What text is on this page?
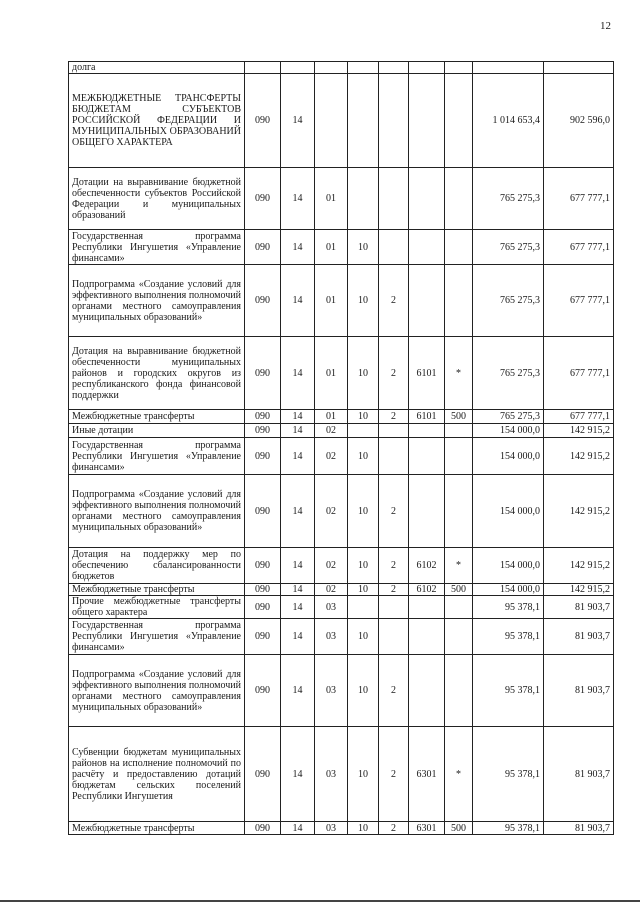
12
долга									
МЕЖБЮДЖЕТНЫЕ ТРАНСФЕРТЫ БЮДЖЕТАМ СУБЪЕКТОВ РОССИЙСКОЙ ФЕДЕРАЦИИ И МУНИЦИПАЛЬНЫХ ОБРАЗОВАНИЙ ОБЩЕГО ХАРАКТЕРА	090	14						1 014 653,4	902 596,0
Дотации на выравнивание бюджетной обеспеченности субъектов Российской Федерации и муниципальных образований	090	14	01					765 275,3	677 777,1
Государственная программа Республики Ингушетия «Управление финансами»	090	14	01	10				765 275,3	677 777,1
Подпрограмма «Создание условий для эффективного выполнения полномочий органами местного самоуправления муниципальных образований»	090	14	01	10	2			765 275,3	677 777,1
Дотация на выравнивание бюджетной обеспеченности муниципальных районов и городских округов из республиканского фонда финансовой поддержки	090	14	01	10	2	6101	*	765 275,3	677 777,1
Межбюджетные трансферты	090	14	01	10	2	6101	500	765 275,3	677 777,1
Иные дотации	090	14	02					154 000,0	142 915,2
Государственная программа Республики Ингушетия «Управление финансами»	090	14	02	10				154 000,0	142 915,2
Подпрограмма «Создание условий для эффективного выполнения полномочий органами местного самоуправления муниципальных образований»	090	14	02	10	2			154 000,0	142 915,2
Дотация на поддержку мер по обеспечению сбалансированности бюджетов	090	14	02	10	2	6102	*	154 000,0	142 915,2
Межбюджетные трансферты	090	14	02	10	2	6102	500	154 000,0	142 915,2
Прочие межбюджетные трансферты общего характера	090	14	03					95 378,1	81 903,7
Государственная программа Республики Ингушетия «Управление финансами»	090	14	03	10				95 378,1	81 903,7
Подпрограмма «Создание условий для эффективного выполнения полномочий органами местного самоуправления муниципальных образований»	090	14	03	10	2			95 378,1	81 903,7
Субвенции бюджетам муниципальных районов на исполнение полномочий по расчёту и предоставлению дотаций бюджетам сельских поселений Республики Ингушетия	090	14	03	10	2	6301	*	95 378,1	81 903,7
Межбюджетные трансферты	090	14	03	10	2	6301	500	95 378,1	81 903,7
